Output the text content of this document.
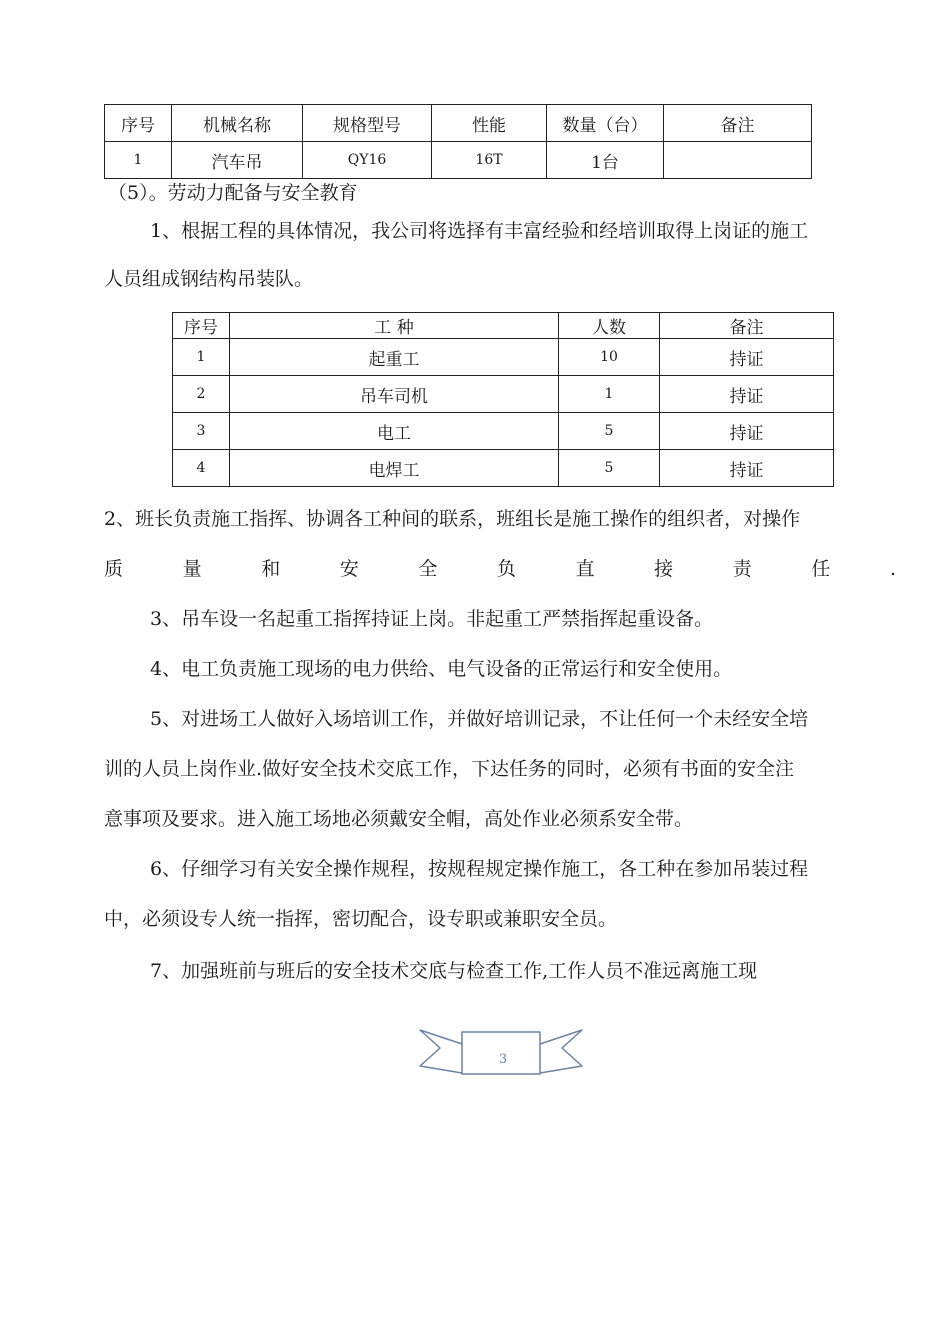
序号	机械名称	规格型号	性能	数量（台）	备注
1	汽车吊	QY16	16T	1台	
（5）。劳动力配备与安全教育
1、根据工程的具体情况，我公司将选择有丰富经验和经培训取得上岗证的施工
人员组成钢结构吊装队。
序号	工 种	人数	备注
1	起重工	10	持证
2	吊车司机	1	持证
3	电工	5	持证
4	电焊工	5	持证
2、班长负责施工指挥、协调各工种间的联系，班组长是施工操作的组织者，对操作
质	量	和	安	全	负	直	接	责	任	.
3、吊车设一名起重工指挥持证上岗。非起重工严禁指挥起重设备。
4、电工负责施工现场的电力供给、电气设备的正常运行和安全使用。
5、对进场工人做好入场培训工作，并做好培训记录，不让任何一个未经安全培
训的人员上岗作业.做好安全技术交底工作，下达任务的同时，必须有书面的安全注
意事项及要求。进入施工场地必须戴安全帽，高处作业必须系安全带。
6、仔细学习有关安全操作规程，按规程规定操作施工，各工种在参加吊装过程
中，必须设专人统一指挥，密切配合，设专职或兼职安全员。
7、加强班前与班后的安全技术交底与检查工作,工作人员不准远离施工现
3
